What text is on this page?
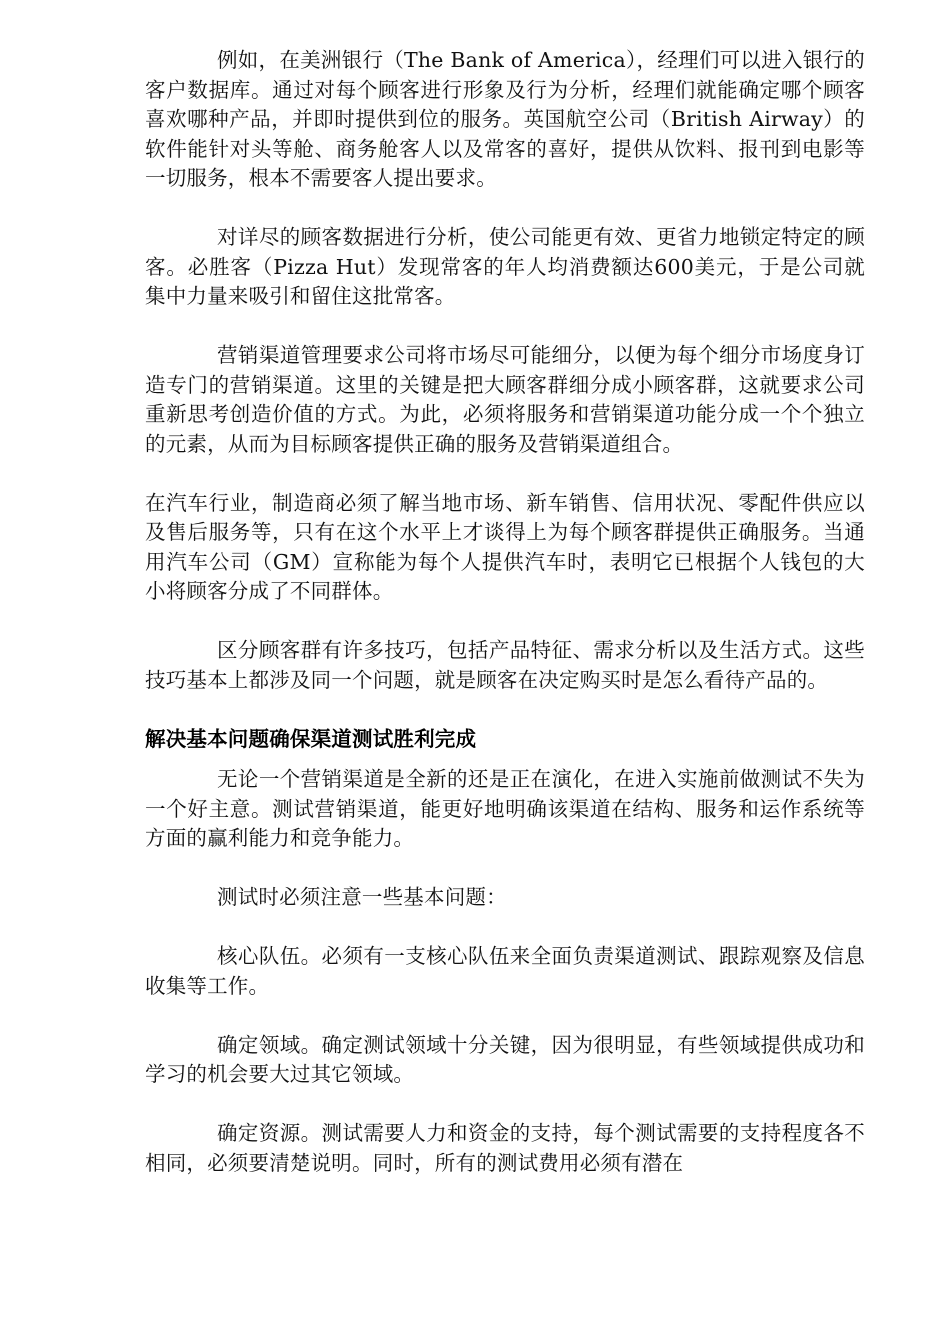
例如，在美洲银行（The Bank of America），经理们可以进入银行的客户数据库。通过对每个顾客进行形象及行为分析，经理们就能确定哪个顾客喜欢哪种产品，并即时提供到位的服务。英国航空公司（British Airway）的软件能针对头等舱、商务舱客人以及常客的喜好，提供从饮料、报刊到电影等一切服务，根本不需要客人提出要求。

对详尽的顾客数据进行分析，使公司能更有效、更省力地锁定特定的顾客。必胜客（Pizza Hut）发现常客的年人均消费额达600美元，于是公司就集中力量来吸引和留住这批常客。

营销渠道管理要求公司将市场尽可能细分，以便为每个细分市场度身订造专门的营销渠道。这里的关键是把大顾客群细分成小顾客群，这就要求公司重新思考创造价值的方式。为此，必须将服务和营销渠道功能分成一个个独立的元素，从而为目标顾客提供正确的服务及营销渠道组合。

在汽车行业，制造商必须了解当地市场、新车销售、信用状况、零配件供应以及售后服务等，只有在这个水平上才谈得上为每个顾客群提供正确服务。当通用汽车公司（GM）宣称能为每个人提供汽车时，表明它已根据个人钱包的大小将顾客分成了不同群体。

区分顾客群有许多技巧，包括产品特征、需求分析以及生活方式。这些技巧基本上都涉及同一个问题，就是顾客在决定购买时是怎么看待产品的。

解决基本问题确保渠道测试胜利完成

无论一个营销渠道是全新的还是正在演化，在进入实施前做测试不失为一个好主意。测试营销渠道，能更好地明确该渠道在结构、服务和运作系统等方面的赢利能力和竞争能力。

测试时必须注意一些基本问题：

核心队伍。必须有一支核心队伍来全面负责渠道测试、跟踪观察及信息收集等工作。

确定领域。确定测试领域十分关键，因为很明显，有些领域提供成功和学习的机会要大过其它领域。

确定资源。测试需要人力和资金的支持，每个测试需要的支持程度各不相同，必须要清楚说明。同时，所有的测试费用必须有潜在
